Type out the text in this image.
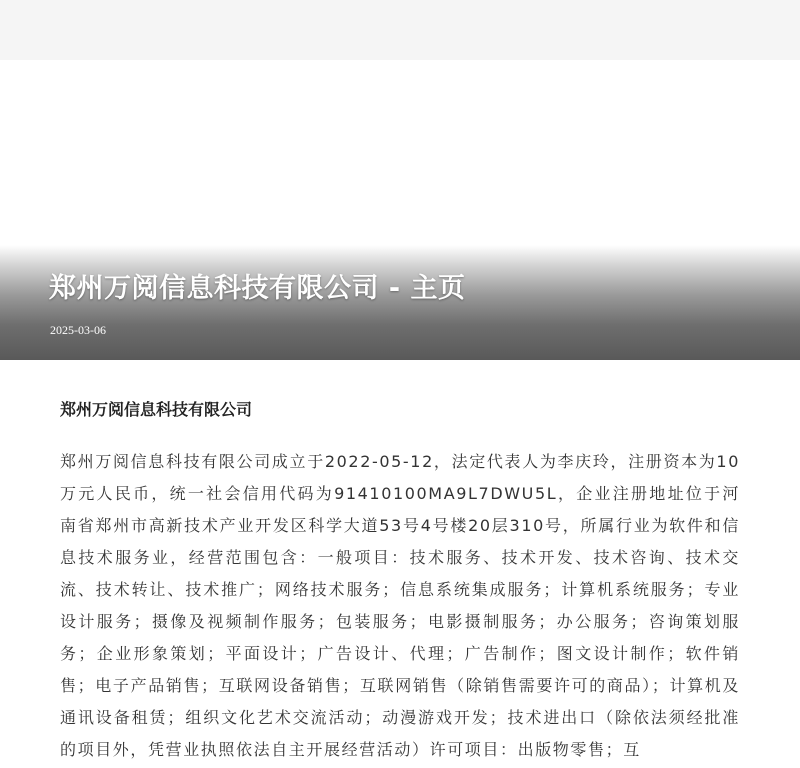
郑州万阅信息科技有限公司 - 主页
2025-03-06
郑州万阅信息科技有限公司

郑州万阅信息科技有限公司成立于2022-05-12，法定代表人为李庆玲，注册资本为10万元人民币，统一社会信用代码为91410100MA9L7DWU5L，企业注册地址位于河南省郑州市高新技术产业开发区科学大道53号4号楼20层310号，所属行业为软件和信息技术服务业，经营范围包含：一般项目：技术服务、技术开发、技术咨询、技术交流、技术转让、技术推广；网络技术服务；信息系统集成服务；计算机系统服务；专业设计服务；摄像及视频制作服务；包装服务；电影摄制服务；办公服务；咨询策划服务；企业形象策划；平面设计；广告设计、代理；广告制作；图文设计制作；软件销售；电子产品销售；互联网设备销售；互联网销售（除销售需要许可的商品）；计算机及通讯设备租赁；组织文化艺术交流活动；动漫游戏开发；技术进出口（除依法须经批准的项目外，凭营业执照依法自主开展经营活动）许可项目：出版物零售；互
